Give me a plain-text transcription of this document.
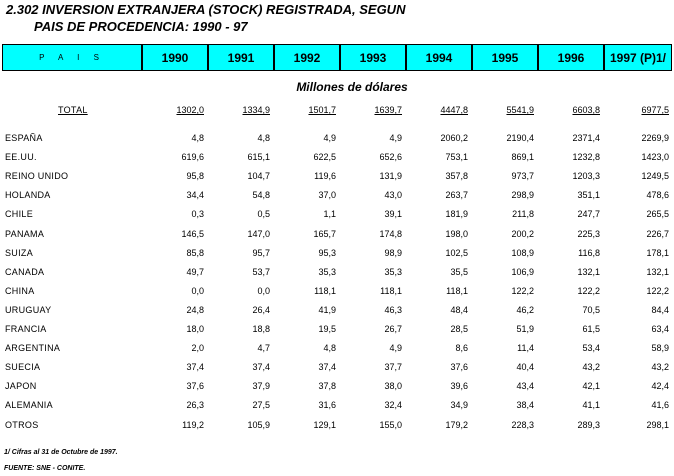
2.302 INVERSION EXTRANJERA (STOCK) REGISTRADA, SEGUN
PAIS DE PROCEDENCIA: 1990 - 97
P A I S	1990	1991	1992	1993	1994	1995	1996	1997 (P)1/
Millones de dólares
TOTAL	1302,0	1334,9	1501,7	1639,7	4447,8	5541,9	6603,8	6977,5
ESPAÑA	4,8	4,8	4,9	4,9	2060,2	2190,4	2371,4	2269,9
EE.UU.	619,6	615,1	622,5	652,6	753,1	869,1	1232,8	1423,0
REINO UNIDO	95,8	104,7	119,6	131,9	357,8	973,7	1203,3	1249,5
HOLANDA	34,4	54,8	37,0	43,0	263,7	298,9	351,1	478,6
CHILE	0,3	0,5	1,1	39,1	181,9	211,8	247,7	265,5
PANAMA	146,5	147,0	165,7	174,8	198,0	200,2	225,3	226,7
SUIZA	85,8	95,7	95,3	98,9	102,5	108,9	116,8	178,1
CANADA	49,7	53,7	35,3	35,3	35,5	106,9	132,1	132,1
CHINA	0,0	0,0	118,1	118,1	118,1	122,2	122,2	122,2
URUGUAY	24,8	26,4	41,9	46,3	48,4	46,2	70,5	84,4
FRANCIA	18,0	18,8	19,5	26,7	28,5	51,9	61,5	63,4
ARGENTINA	2,0	4,7	4,8	4,9	8,6	11,4	53,4	58,9
SUECIA	37,4	37,4	37,4	37,7	37,6	40,4	43,2	43,2
JAPON	37,6	37,9	37,8	38,0	39,6	43,4	42,1	42,4
ALEMANIA	26,3	27,5	31,6	32,4	34,9	38,4	41,1	41,6
OTROS	119,2	105,9	129,1	155,0	179,2	228,3	289,3	298,1
1/ Cifras al 31 de Octubre de 1997.
FUENTE: SNE - CONITE.
